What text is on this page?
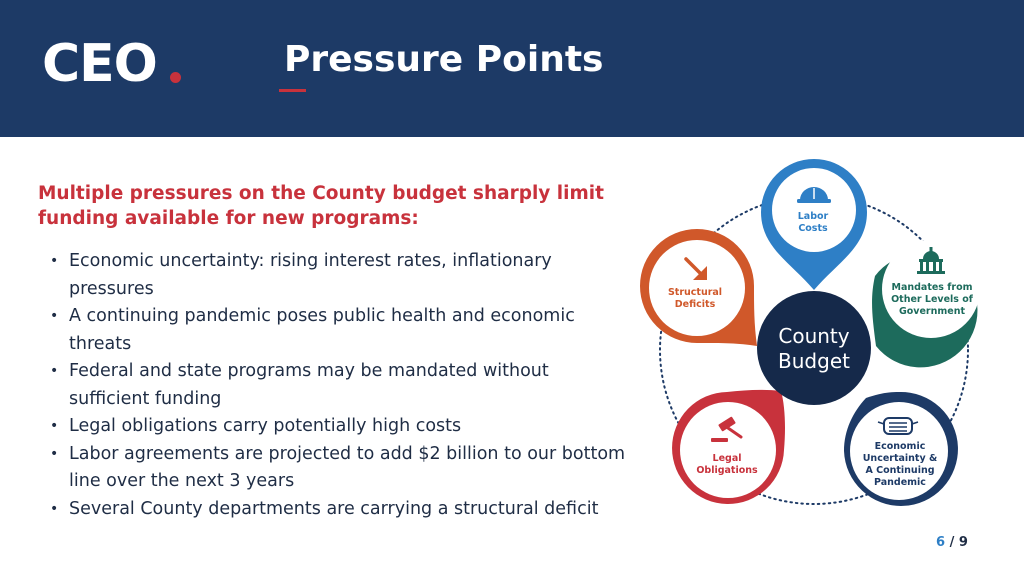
CEO	Pressure Points
Multiple pressures on the County budget sharply limit funding available for new programs:
• Economic uncertainty: rising interest rates, inflationary pressures
• A continuing pandemic poses public health and economic threats
• Federal and state programs may be mandated without sufficient funding
• Legal obligations carry potentially high costs
• Labor agreements are projected to add $2 billion to our bottom line over the next 3 years
• Several County departments are carrying a structural deficit
Labor
Costs
Mandates from
Other Levels of
Government
Economic
Uncertainty &
A Continuing
Pandemic
Legal
Obligations
Structural
Deficits
County
Budget
6 / 9
